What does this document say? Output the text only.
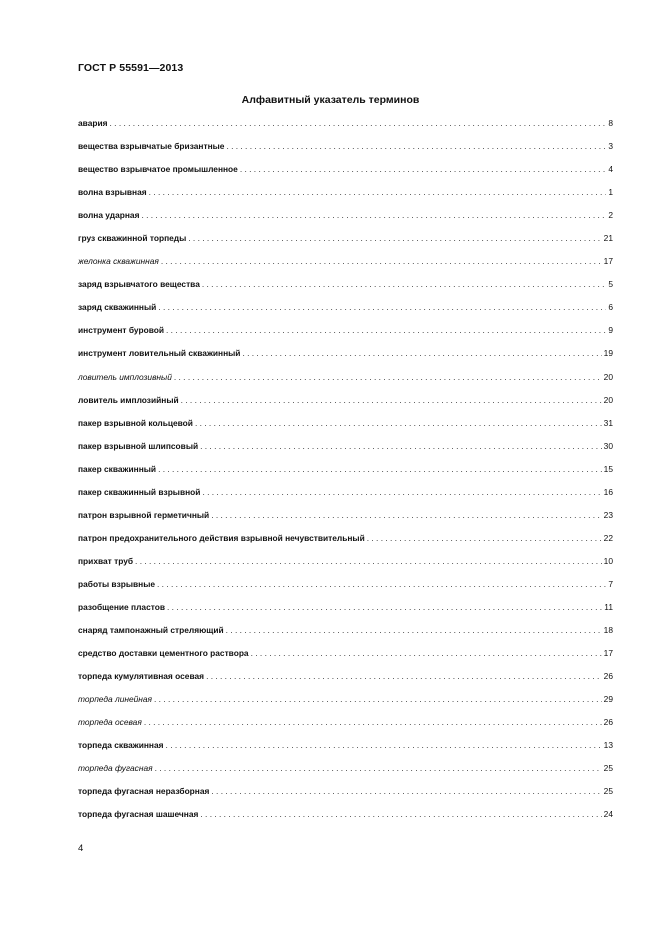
ГОСТ Р 55591—2013
Алфавитный указатель терминов
авария . . .	8
вещества взрывчатые бризантные . . .	3
вещество взрывчатое промышленное . . .	4
волна взрывная . . .	1
волна ударная . . .	2
груз скважинной торпеды . . .	21
желонка скважинная . . .	17
заряд взрывчатого вещества . . .	5
заряд скважинный . . .	6
инструмент буровой . . .	9
инструмент ловительный скважинный . . .	19
ловитель имплозивный . . .	20
ловитель имплозийный . . .	20
пакер взрывной кольцевой . . .	31
пакер взрывной шлипсовый . . .	30
пакер скважинный . . .	15
пакер скважинный взрывной . . .	16
патрон взрывной герметичный . . .	23
патрон предохранительного действия взрывной нечувствительный . . .	22
прихват труб . . .	10
работы взрывные . . .	7
разобщение пластов . . .	11
снаряд тампонажный стреляющий . . .	18
средство доставки цементного раствора . . .	17
торпеда кумулятивная осевая . . .	26
торпеда линейная . . .	29
торпеда осевая . . .	26
торпеда скважинная . . .	13
торпеда фугасная . . .	25
торпеда фугасная неразборная . . .	25
торпеда фугасная шашечная . . .	24
4
